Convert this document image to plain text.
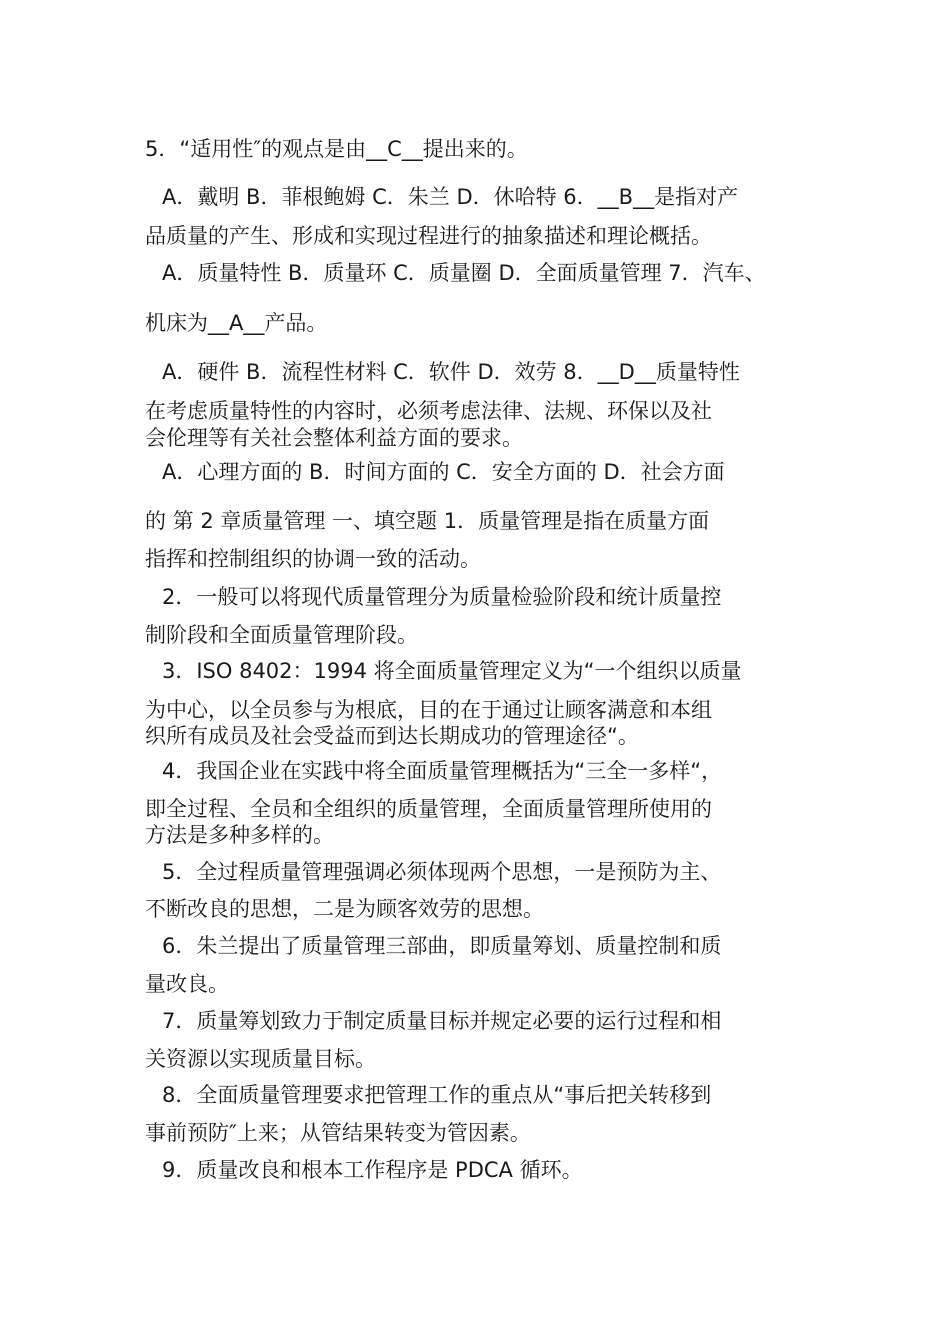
5．“适用性″的观点是由__C__提出来的。
A．戴明 B．菲根鲍姆 C．朱兰 D．休哈特 6．__B__是指对产
品质量的产生、形成和实现过程进行的抽象描述和理论概括。
A．质量特性 B．质量环 C．质量圈 D．全面质量管理 7．汽车、
机床为__A__产品。
A．硬件 B．流程性材料 C．软件 D．效劳 8．__D__质量特性
在考虑质量特性的内容时，必须考虑法律、法规、环保以及社
会伦理等有关社会整体利益方面的要求。
A．心理方面的 B．时间方面的 C．安全方面的 D．社会方面
的 第 2 章质量管理 一、填空题 1．质量管理是指在质量方面
指挥和控制组织的协调一致的活动。
2．一般可以将现代质量管理分为质量检验阶段和统计质量控
制阶段和全面质量管理阶段。
3．ISO 8402：1994 将全面质量管理定义为“一个组织以质量
为中心，以全员参与为根底，目的在于通过让顾客满意和本组
织所有成员及社会受益而到达长期成功的管理途径“。
4．我国企业在实践中将全面质量管理概括为“三全一多样“，
即全过程、全员和全组织的质量管理，全面质量管理所使用的
方法是多种多样的。
5．全过程质量管理强调必须体现两个思想，一是预防为主、
不断改良的思想，二是为顾客效劳的思想。
6．朱兰提出了质量管理三部曲，即质量筹划、质量控制和质
量改良。
7．质量筹划致力于制定质量目标并规定必要的运行过程和相
关资源以实现质量目标。
8．全面质量管理要求把管理工作的重点从“事后把关转移到
事前预防″上来；从管结果转变为管因素。
9．质量改良和根本工作程序是 PDCA 循环。
